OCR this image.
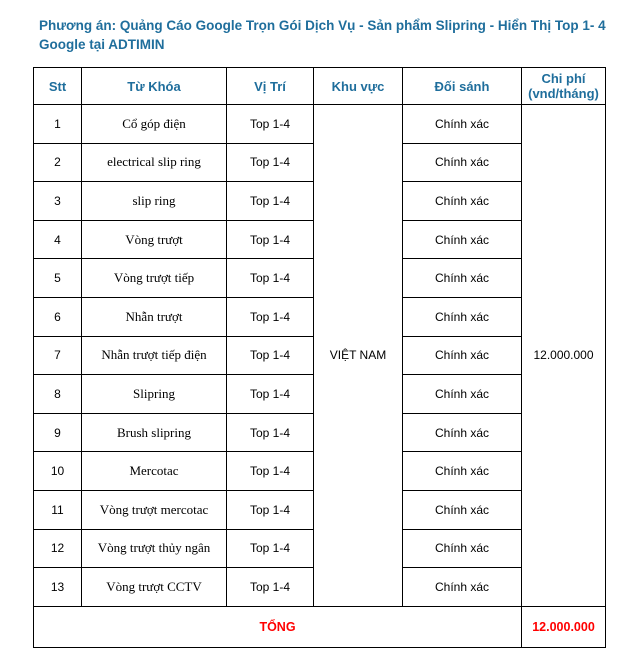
Phương án: Quảng Cáo Google Trọn Gói Dịch Vụ - Sản phẩm Slipring - Hiển Thị Top 1- 4 Google tại ADTIMIN
Stt	Từ Khóa	Vị Trí	Khu vực	Đối sánh	Chi phí
(vnd/tháng)
1	Cổ góp điện	Top 1-4	VIỆT NAM	Chính xác	12.000.000
2	electrical slip ring	Top 1-4		Chính xác	
3	slip ring	Top 1-4		Chính xác	
4	Vòng trượt	Top 1-4		Chính xác	
5	Vòng trượt tiếp	Top 1-4		Chính xác	
6	Nhẫn trượt	Top 1-4		Chính xác	
7	Nhẫn trượt tiếp điện	Top 1-4		Chính xác	
8	Slipring	Top 1-4		Chính xác	
9	Brush slipring	Top 1-4		Chính xác	
10	Mercotac	Top 1-4		Chính xác	
11	Vòng trượt mercotac	Top 1-4		Chính xác	
12	Vòng trượt thủy ngân	Top 1-4		Chính xác	
13	Vòng trượt CCTV	Top 1-4		Chính xác	
TỔNG					12.000.000
